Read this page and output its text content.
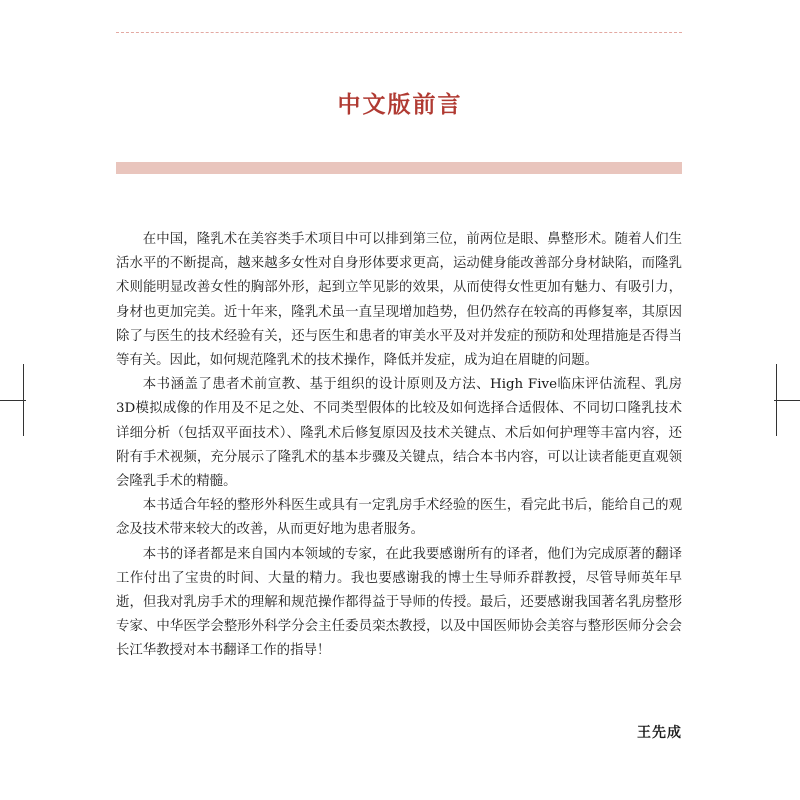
中文版前言

在中国，隆乳术在美容类手术项目中可以排到第三位，前两位是眼、鼻整形术。随着人们生活水平的不断提高，越来越多女性对自身形体要求更高，运动健身能改善部分身材缺陷，而隆乳术则能明显改善女性的胸部外形，起到立竿见影的效果，从而使得女性更加有魅力、有吸引力，身材也更加完美。近十年来，隆乳术虽一直呈现增加趋势，但仍然存在较高的再修复率，其原因除了与医生的技术经验有关，还与医生和患者的审美水平及对并发症的预防和处理措施是否得当等有关。因此，如何规范隆乳术的技术操作，降低并发症，成为迫在眉睫的问题。

本书涵盖了患者术前宣教、基于组织的设计原则及方法、High Five临床评估流程、乳房3D模拟成像的作用及不足之处、不同类型假体的比较及如何选择合适假体、不同切口隆乳技术详细分析（包括双平面技术）、隆乳术后修复原因及技术关键点、术后如何护理等丰富内容，还附有手术视频，充分展示了隆乳术的基本步骤及关键点，结合本书内容，可以让读者能更直观领会隆乳手术的精髓。

本书适合年轻的整形外科医生或具有一定乳房手术经验的医生，看完此书后，能给自己的观念及技术带来较大的改善，从而更好地为患者服务。

本书的译者都是来自国内本领域的专家，在此我要感谢所有的译者，他们为完成原著的翻译工作付出了宝贵的时间、大量的精力。我也要感谢我的博士生导师乔群教授，尽管导师英年早逝，但我对乳房手术的理解和规范操作都得益于导师的传授。最后，还要感谢我国著名乳房整形专家、中华医学会整形外科学分会主任委员栾杰教授，以及中国医师协会美容与整形医师分会会长江华教授对本书翻译工作的指导！

王先成
